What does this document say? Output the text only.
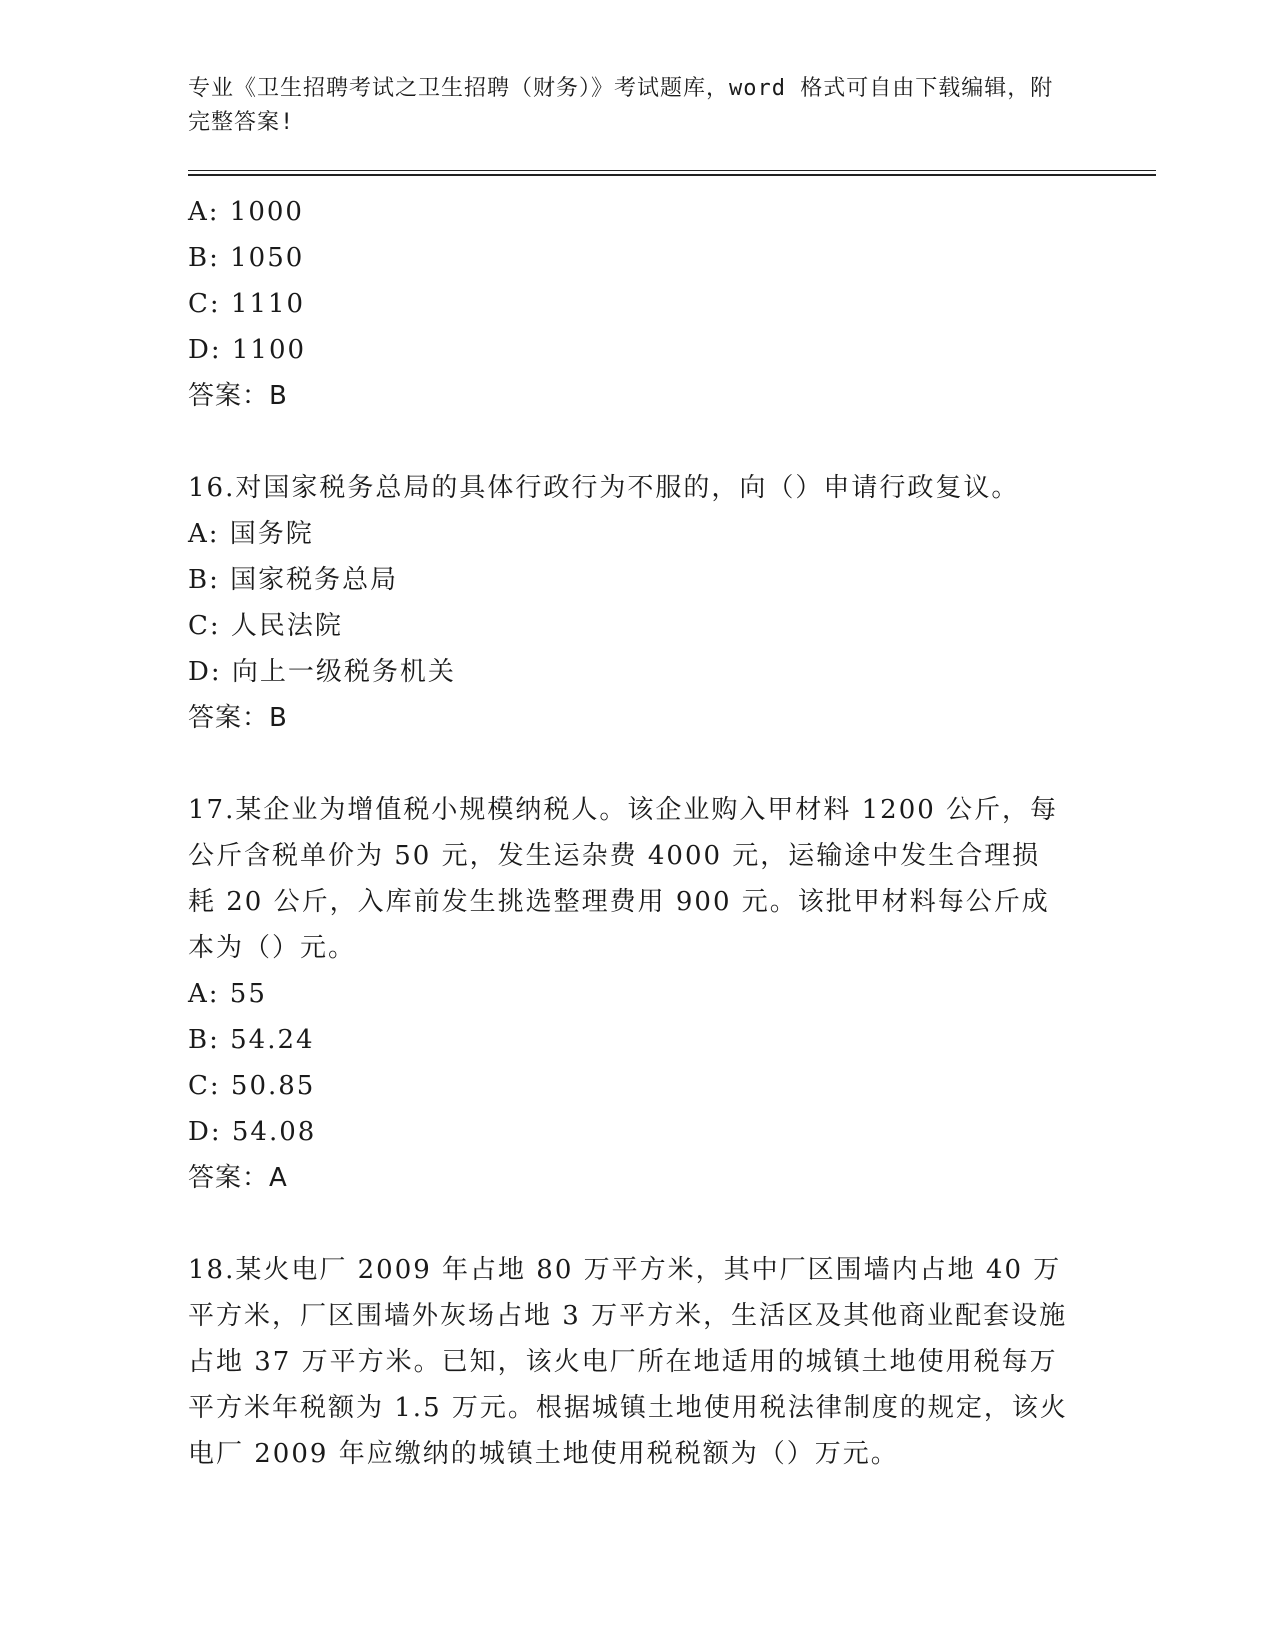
专业《卫生招聘考试之卫生招聘（财务）》考试题库，word 格式可自由下载编辑，附完整答案!
A: 1000
B: 1050
C: 1110
D: 1100
答案：B
16.对国家税务总局的具体行政行为不服的，向（）申请行政复议。
A: 国务院
B: 国家税务总局
C: 人民法院
D: 向上一级税务机关
答案：B
17.某企业为增值税小规模纳税人。该企业购入甲材料 1200 公斤，每公斤含税单价为 50 元，发生运杂费 4000 元，运输途中发生合理损耗 20 公斤，入库前发生挑选整理费用 900 元。该批甲材料每公斤成本为（）元。
A: 55
B: 54.24
C: 50.85
D: 54.08
答案：A
18.某火电厂 2009 年占地 80 万平方米，其中厂区围墙内占地 40 万平方米，厂区围墙外灰场占地 3 万平方米，生活区及其他商业配套设施占地 37 万平方米。已知，该火电厂所在地适用的城镇土地使用税每万平方米年税额为 1.5 万元。根据城镇土地使用税法律制度的规定，该火电厂 2009 年应缴纳的城镇土地使用税税额为（）万元。
